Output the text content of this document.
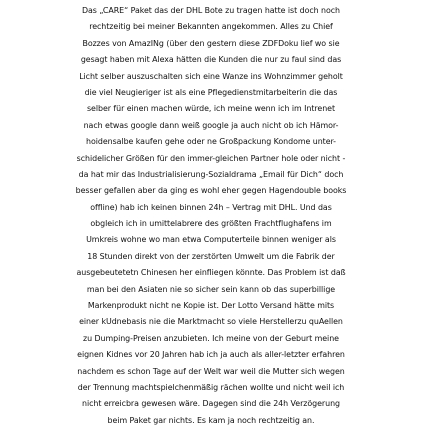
Das „CARE“ Paket das der DHL Bote zu tragen hatte ist doch noch
rechtzeitig bei meiner Bekannten angekommen. Alles zu Chief
Bozzes von AmazINg (über den gestern diese ZDFDoku lief wo sie
gesagt haben mit Alexa hätten die Kunden die nur zu faul sind das
Licht selber auszuschalten sich eine Wanze ins Wohnzimmer geholt
die viel Neugieriger ist als eine Pflegedienstmitarbeiterin die das
selber für einen machen würde, ich meine wenn ich im Intrenet
nach etwas google dann weiß google ja auch nicht ob ich Hämor-
hoidensalbe kaufen gehe oder ne Großpackung Kondome unter-
schidelicher Größen für den immer-gleichen Partner hole oder nicht -
da hat mir das Industrialisierung-Sozialdrama „Email für Dich“ doch
besser gefallen aber da ging es wohl eher gegen Hagendouble books
offline) hab ich keinen binnen 24h – Vertrag mit DHL. Und das
obgleich ich in umittelabrere des größten Frachtflughafens im
Umkreis wohne wo man etwa Computerteile binnen weniger als
18 Stunden direkt von der zerstörten Umwelt um die Fabrik der
ausgebeutetetn Chinesen her einfliegen könnte. Das Problem ist daß
man bei den Asiaten nie so sicher sein kann ob das superbillige
Markenprodukt nicht ne Kopie ist. Der Lotto Versand hätte mits
einer kUdnebasis nie die Marktmacht so viele Herstellerzu quAellen
zu Dumping-Preisen anzubieten. Ich meine von der Geburt meine
eignen Kidnes vor 20 Jahren hab ich ja auch als aller-letzter erfahren
nachdem es schon Tage auf der Welt war weil die Mutter sich wegen
der Trennung machtspielchenmäßig rächen wollte und nicht weil ich
nicht erreicbra gewesen wäre. Dagegen sind die 24h Verzögerung
beim Paket gar nichts. Es kam ja noch rechtzeitig an.
